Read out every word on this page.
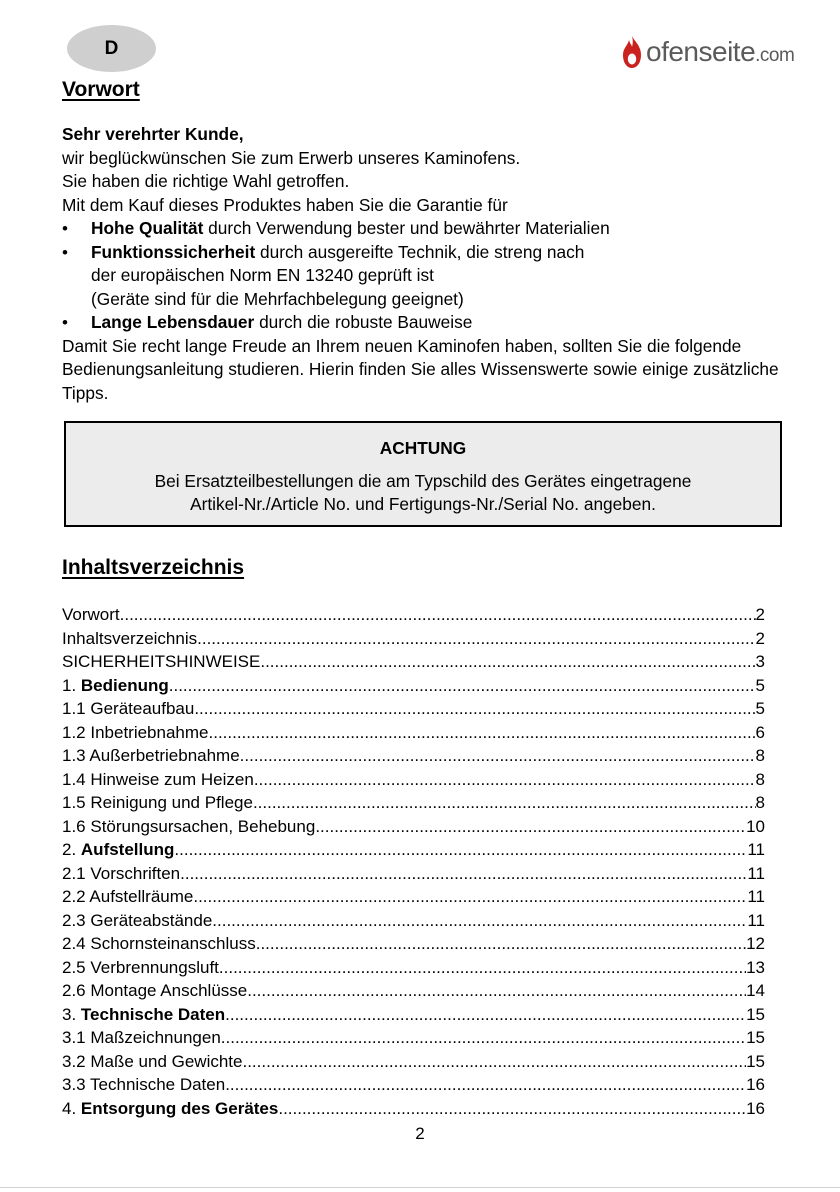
D	ofenseite.com
Vorwort

Sehr verehrter Kunde,

wir beglückwünschen Sie zum Erwerb unseres Kaminofens.

Sie haben die richtige Wahl getroffen.

Mit dem Kauf dieses Produktes haben Sie die Garantie für

• Hohe Qualität durch Verwendung bester und bewährter Materialien
• Funktionssicherheit durch ausgereifte Technik, die streng nach
der europäischen Norm EN 13240 geprüft ist
(Geräte sind für die Mehrfachbelegung geeignet)
• Lange Lebensdauer durch die robuste Bauweise

Damit Sie recht lange Freude an Ihrem neuen Kaminofen haben, sollten Sie die folgende Bedienungsanleitung studieren. Hierin finden Sie alles Wissenswerte sowie einige zusätzliche Tipps.

ACHTUNG
Bei Ersatzteilbestellungen die am Typschild des Gerätes eingetragene
Artikel-Nr./Article No. und Fertigungs-Nr./Serial No. angeben.
Inhaltsverzeichnis
Vorwort .....	2
Inhaltsverzeichnis .....	2
SICHERHEITSHINWEISE .....	3
1. Bedienung .....	5
1.1 Geräteaufbau .....	5
1.2 Inbetriebnahme .....	6
1.3 Außerbetriebnahme .....	8
1.4 Hinweise zum Heizen .....	8
1.5 Reinigung und Pflege .....	8
1.6 Störungsursachen, Behebung .....	10
2. Aufstellung .....	11
2.1 Vorschriften .....	11
2.2 Aufstellräume .....	11
2.3 Geräteabstände .....	11
2.4 Schornsteinanschluss .....	12
2.5 Verbrennungsluft .....	13
2.6 Montage Anschlüsse .....	14
3. Technische Daten .....	15
3.1 Maßzeichnungen .....	15
3.2 Maße und Gewichte .....	15
3.3 Technische Daten .....	16
4. Entsorgung des Gerätes .....	16
2
